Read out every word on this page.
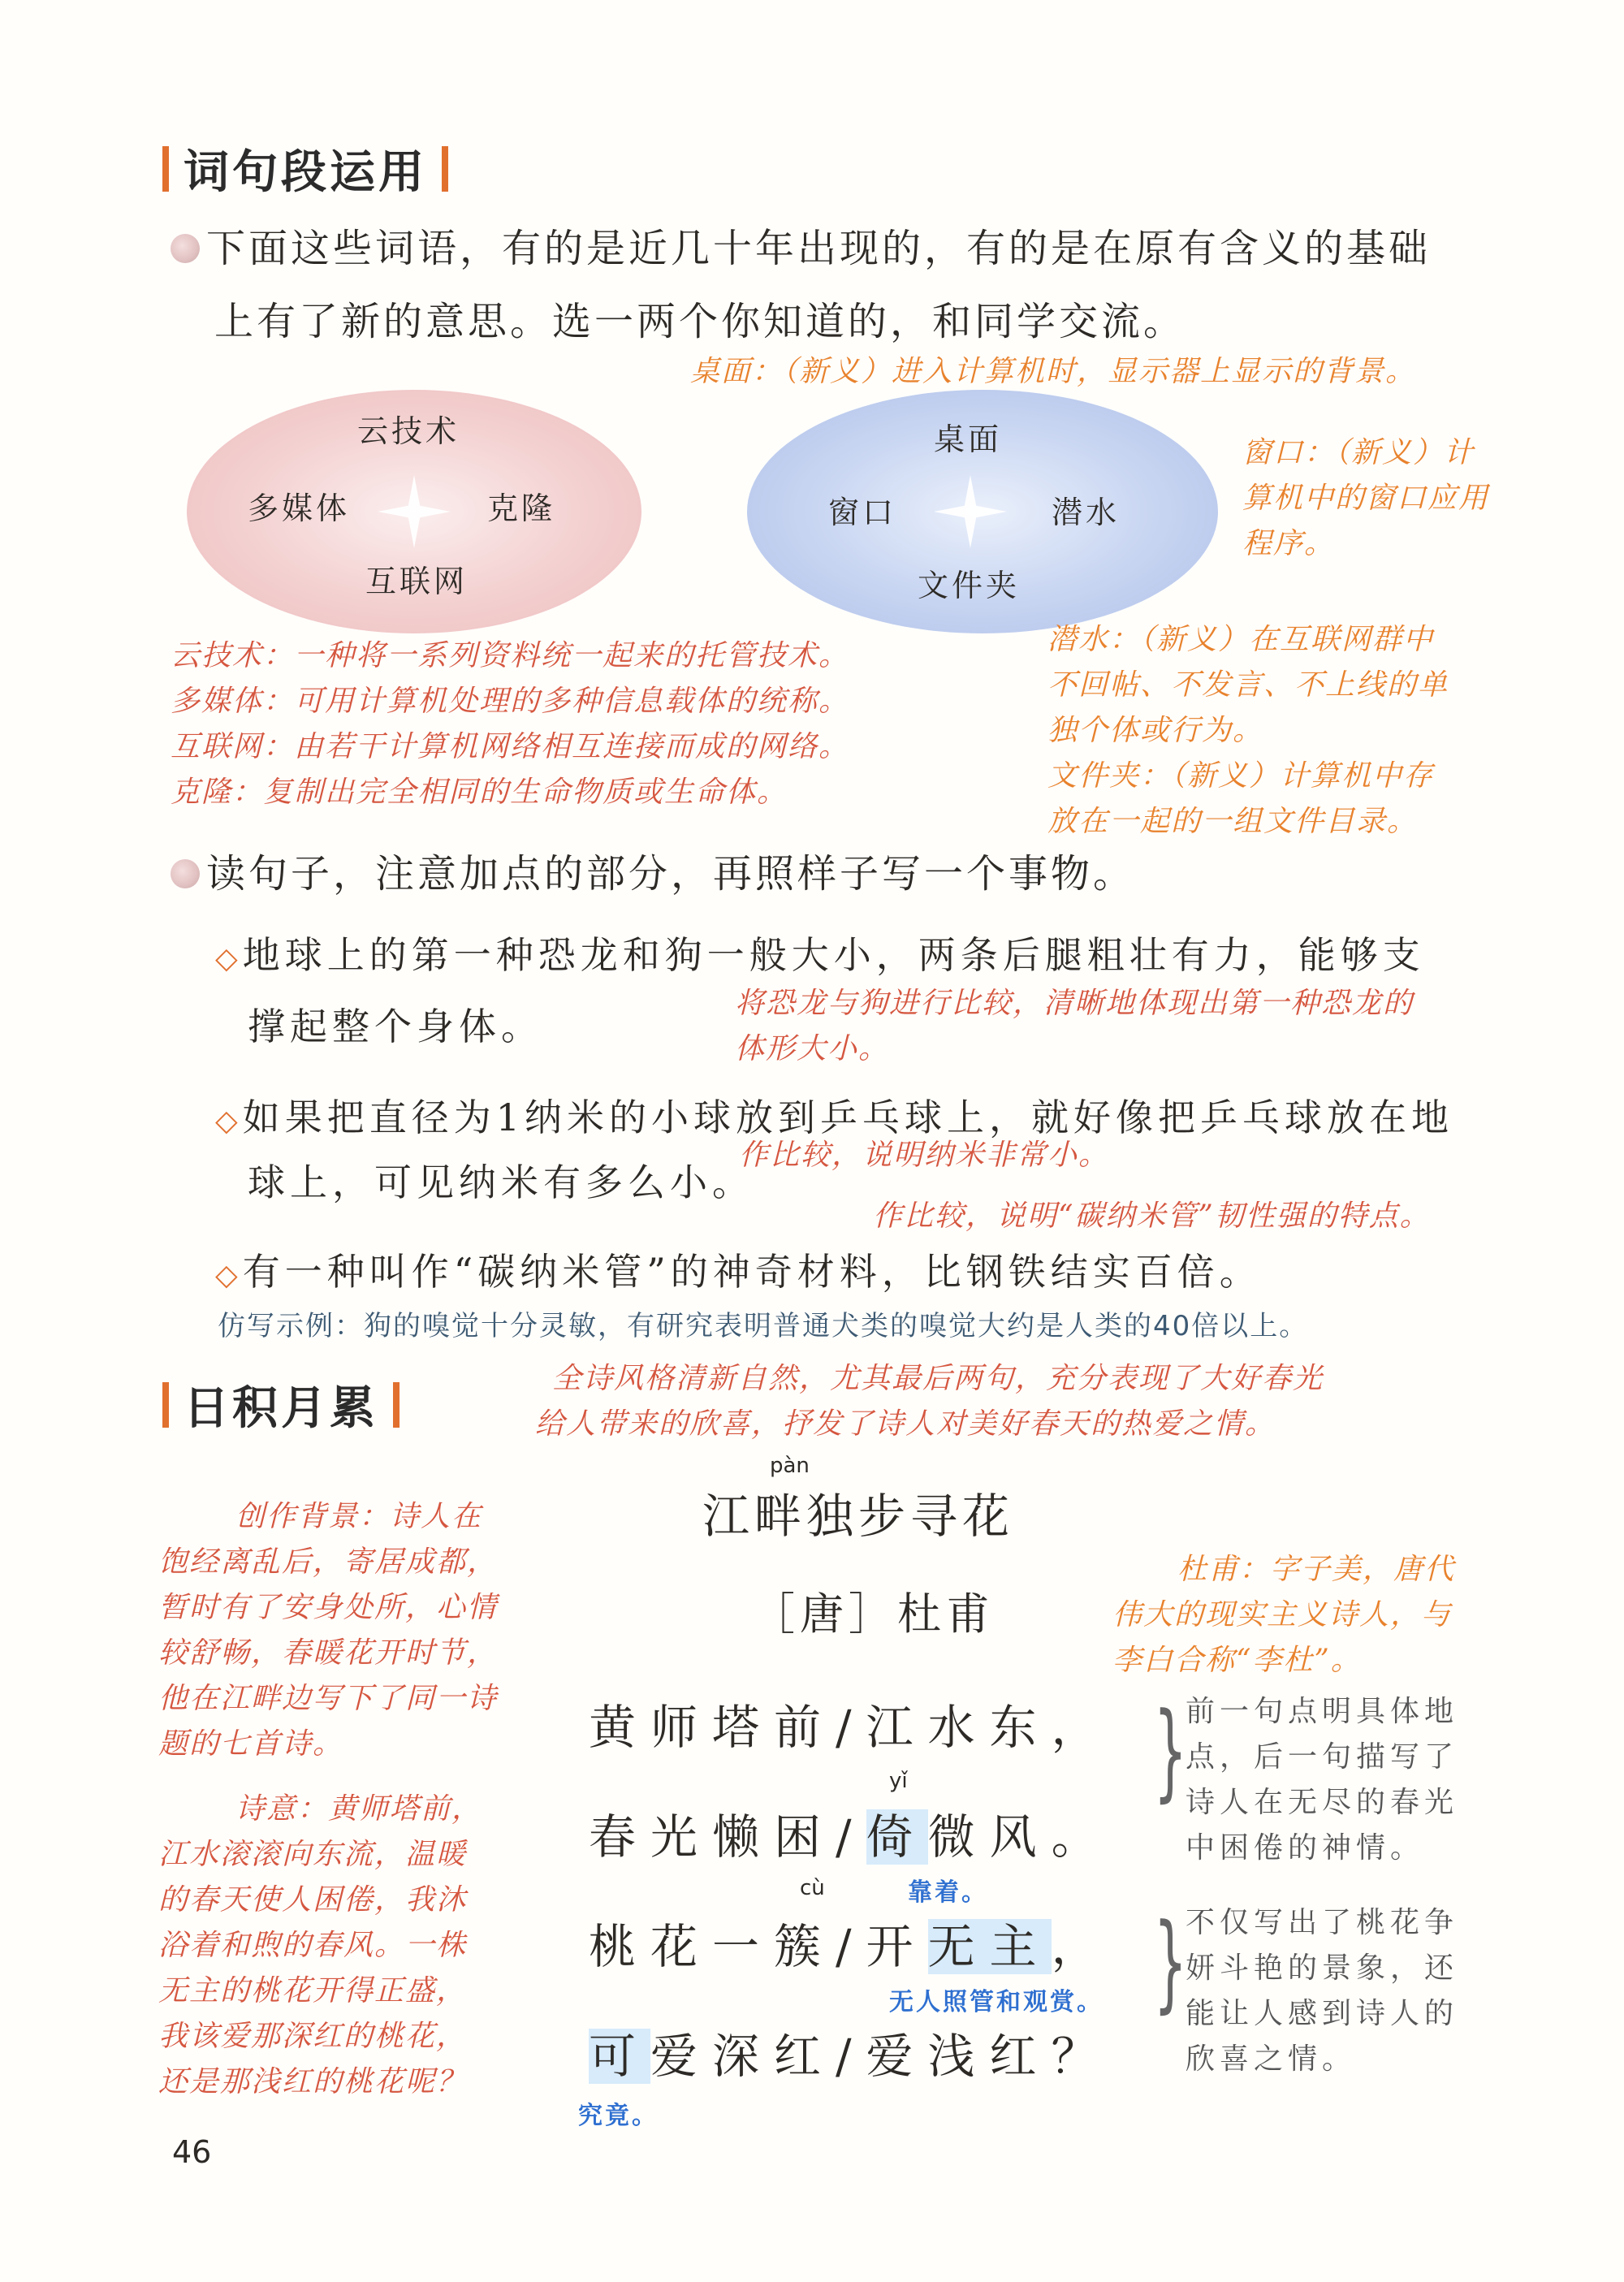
词句段运用
下面这些词语，有的是近几十年出现的，有的是在原有含义的基础
上有了新的意思。选一两个你知道的，和同学交流。
桌面：（新义）进入计算机时，显示器上显示的背景。
云技术
多媒体	克隆
互联网
桌面
窗口	潜水
文件夹
窗口：（新义）计
算机中的窗口应用
程序。
云技术：一种将一系列资料统一起来的托管技术。
多媒体：可用计算机处理的多种信息载体的统称。
互联网：由若干计算机网络相互连接而成的网络。
克隆：复制出完全相同的生命物质或生命体。
潜水：（新义）在互联网群中
不回帖、不发言、不上线的单
独个体或行为。
文件夹：（新义）计算机中存
放在一起的一组文件目录。
读句子，注意加点的部分，再照样子写一个事物。
◇地球上的第一种恐龙和狗一般大小，两条后腿粗壮有力，能够支
撑起整个身体。
将恐龙与狗进行比较，清晰地体现出第一种恐龙的
体形大小。
◇如果把直径为1纳米的小球放到乒乓球上，就好像把乒乓球放在地
球上，可见纳米有多么小。
作比较，说明纳米非常小。
作比较，说明“碳纳米管”韧性强的特点。
◇有一种叫作“碳纳米管”的神奇材料，比钢铁结实百倍。
仿写示例：狗的嗅觉十分灵敏，有研究表明普通犬类的嗅觉大约是人类的40倍以上。
日积月累
全诗风格清新自然，尤其最后两句，充分表现了大好春光
给人带来的欣喜，抒发了诗人对美好春天的热爱之情。
pàn
江畔独步寻花
［唐］杜甫
杜甫：字子美，唐代
伟大的现实主义诗人，与
李白合称“李杜”。
创作背景：诗人在
饱经离乱后，寄居成都，
暂时有了安身处所，心情
较舒畅，春暖花开时节，
他在江畔边写下了同一诗
题的七首诗。
诗意：黄师塔前，
江水滚滚向东流，温暖
的春天使人困倦，我沐
浴着和煦的春风。一株
无主的桃花开得正盛，
我该爱那深红的桃花，
还是那浅红的桃花呢？
黄师塔前/江水东，
yǐ
春光懒困/倚微风。
靠着。
cù
桃花一簇/开无主，
无人照管和观赏。
可爱深红/爱浅红？
究竟。
}
前一句点明具体地
点，后一句描写了
诗人在无尽的春光
中困倦的神情。
}
不仅写出了桃花争
妍斗艳的景象，还
能让人感到诗人的
欣喜之情。
46
